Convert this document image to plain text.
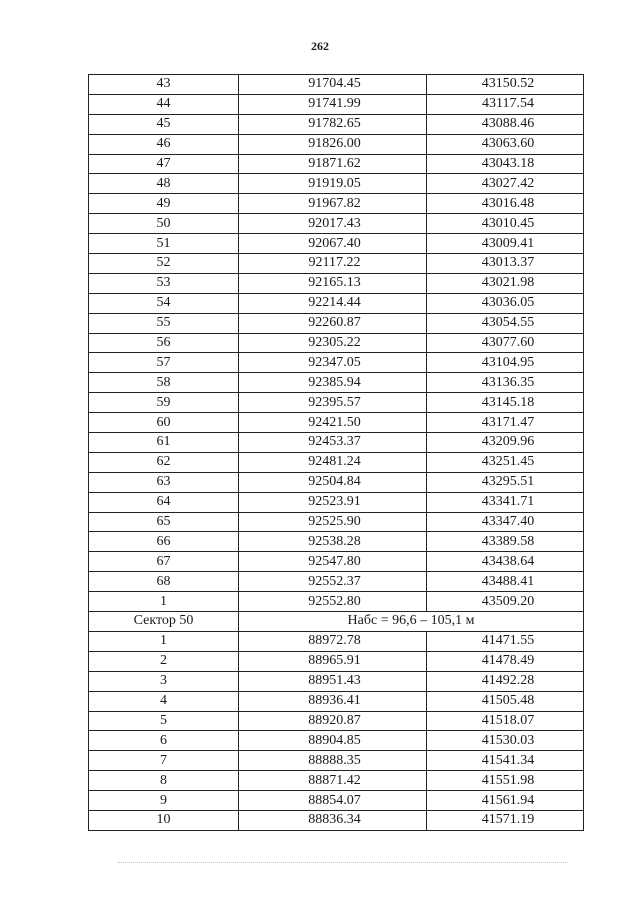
262
43	91704.45	43150.52
44	91741.99	43117.54
45	91782.65	43088.46
46	91826.00	43063.60
47	91871.62	43043.18
48	91919.05	43027.42
49	91967.82	43016.48
50	92017.43	43010.45
51	92067.40	43009.41
52	92117.22	43013.37
53	92165.13	43021.98
54	92214.44	43036.05
55	92260.87	43054.55
56	92305.22	43077.60
57	92347.05	43104.95
58	92385.94	43136.35
59	92395.57	43145.18
60	92421.50	43171.47
61	92453.37	43209.96
62	92481.24	43251.45
63	92504.84	43295.51
64	92523.91	43341.71
65	92525.90	43347.40
66	92538.28	43389.58
67	92547.80	43438.64
68	92552.37	43488.41
1	92552.80	43509.20
Сектор 50	Набс = 96,6 – 105,1 м	
1	88972.78	41471.55
2	88965.91	41478.49
3	88951.43	41492.28
4	88936.41	41505.48
5	88920.87	41518.07
6	88904.85	41530.03
7	88888.35	41541.34
8	88871.42	41551.98
9	88854.07	41561.94
10	88836.34	41571.19
